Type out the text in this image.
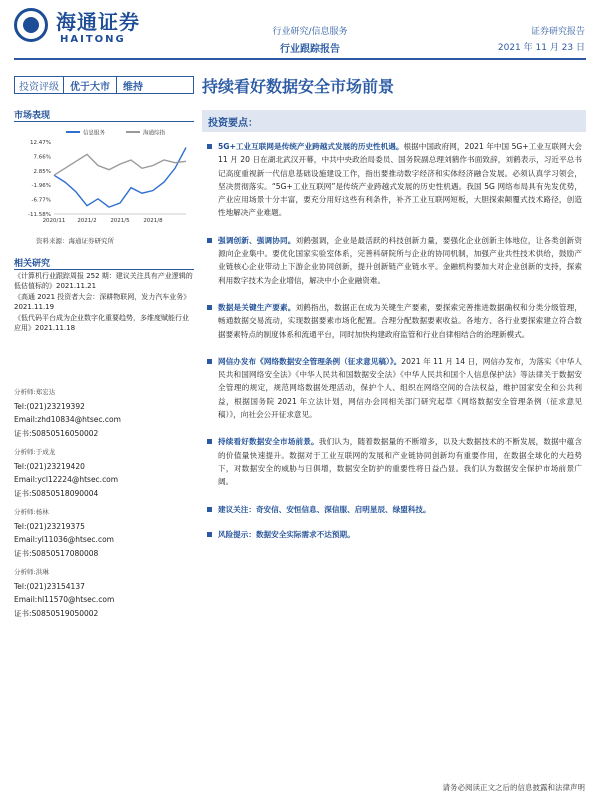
海通证券
HAITONG
行业研究/信息服务
行业跟踪报告
证券研究报告
2021 年 11 月 23 日
投资评级	优于大市	维持	持续看好数据安全市场前景
市场表现
信息服务	海通综指
12.47%
7.66%
2.85%
-1.96%
-6.77%
-11.58%
2020/11 2021/2 2021/5 2021/8
资料来源：海通证券研究所
相关研究
《计算机行业跟踪周报 252 期：建议关注具有产业逻辑的低估值标的》2021.11.21
《高通 2021 投资者大会：深耕物联网，发力汽车业务》2021.11.19
《低代码平台成为企业数字化重要趋势，多维度赋能行业应用》2021.11.18
分析师:郑宏达
Tel:(021)23219392
Email:zhd10834@htsec.com
证书:S0850516050002
分析师:于成龙
Tel:(021)23219420
Email:ycl12224@htsec.com
证书:S0850518090004
分析师:杨林
Tel:(021)23219375
Email:yl11036@htsec.com
证书:S0850517080008
分析师:洪琳
Tel:(021)23154137
Email:hl11570@htsec.com
证书:S0850519050002
投资要点：

5G+工业互联网是传统产业跨越式发展的历史性机遇。根据中国政府网，2021 年中国 5G+工业互联网大会 11 月 20 日在湖北武汉开幕，中共中央政治局委员、国务院副总理刘鹤作书面致辞，刘鹤表示，习近平总书记高度重视新一代信息基础设施建设工作，指出要推动数字经济和实体经济融合发展。必须认真学习领会，坚决贯彻落实。“5G+工业互联网”是传统产业跨越式发展的历史性机遇。我国 5G 网络布局具有先发优势，产业应用场景十分丰富，要充分用好这些有利条件，补齐工业互联网短板，大胆探索颠覆式技术路径，创造性地解决产业难题。

强调创新、强调协同。刘鹤强调，企业是最活跃的科技创新力量，要强化企业创新主体地位，让各类创新资源向企业集中。要优化国家实验室体系，完善科研院所与企业的协同机制，加强产业共性技术供给，鼓励产业链核心企业带动上下游企业协同创新，提升创新链产业链水平。金融机构要加大对企业创新的支持，探索利用数字技术为企业增信，解决中小企业融资难。

数据是关键生产要素。刘鹤指出，数据正在成为关键生产要素，要探索完善推进数据确权和分类分级管理，畅通数据交易流动，实现数据要素市场化配置。合理分配数据要素收益。各地方、各行业要探索建立符合数据要素特点的制度体系和流通平台，同时加快构建政府监管和行业自律相结合的治理新模式。

网信办发布《网络数据安全管理条例（征求意见稿）》。2021 年 11 月 14 日，网信办发布，为落实《中华人民共和国网络安全法》《中华人民共和国数据安全法》《中华人民共和国个人信息保护法》等法律关于数据安全管理的规定，规范网络数据处理活动，保护个人、组织在网络空间的合法权益，维护国家安全和公共利益，根据国务院 2021 年立法计划，网信办会同相关部门研究起草《网络数据安全管理条例（征求意见稿）》，向社会公开征求意见。

持续看好数据安全市场前景。我们认为，随着数据量的不断增多，以及大数据技术的不断发展，数据中蕴含的价值量快速提升。数据对于工业互联网的发展和产业链协同创新均有重要作用，在数据全球化的大趋势下，对数据安全的威胁与日俱增，数据安全防护的重要性将日益凸显。我们认为数据安全保护市场前景广阔。

建议关注：奇安信、安恒信息、深信服、启明星辰、绿盟科技。

风险提示：数据安全实际需求不达预期。

请务必阅读正文之后的信息披露和法律声明
